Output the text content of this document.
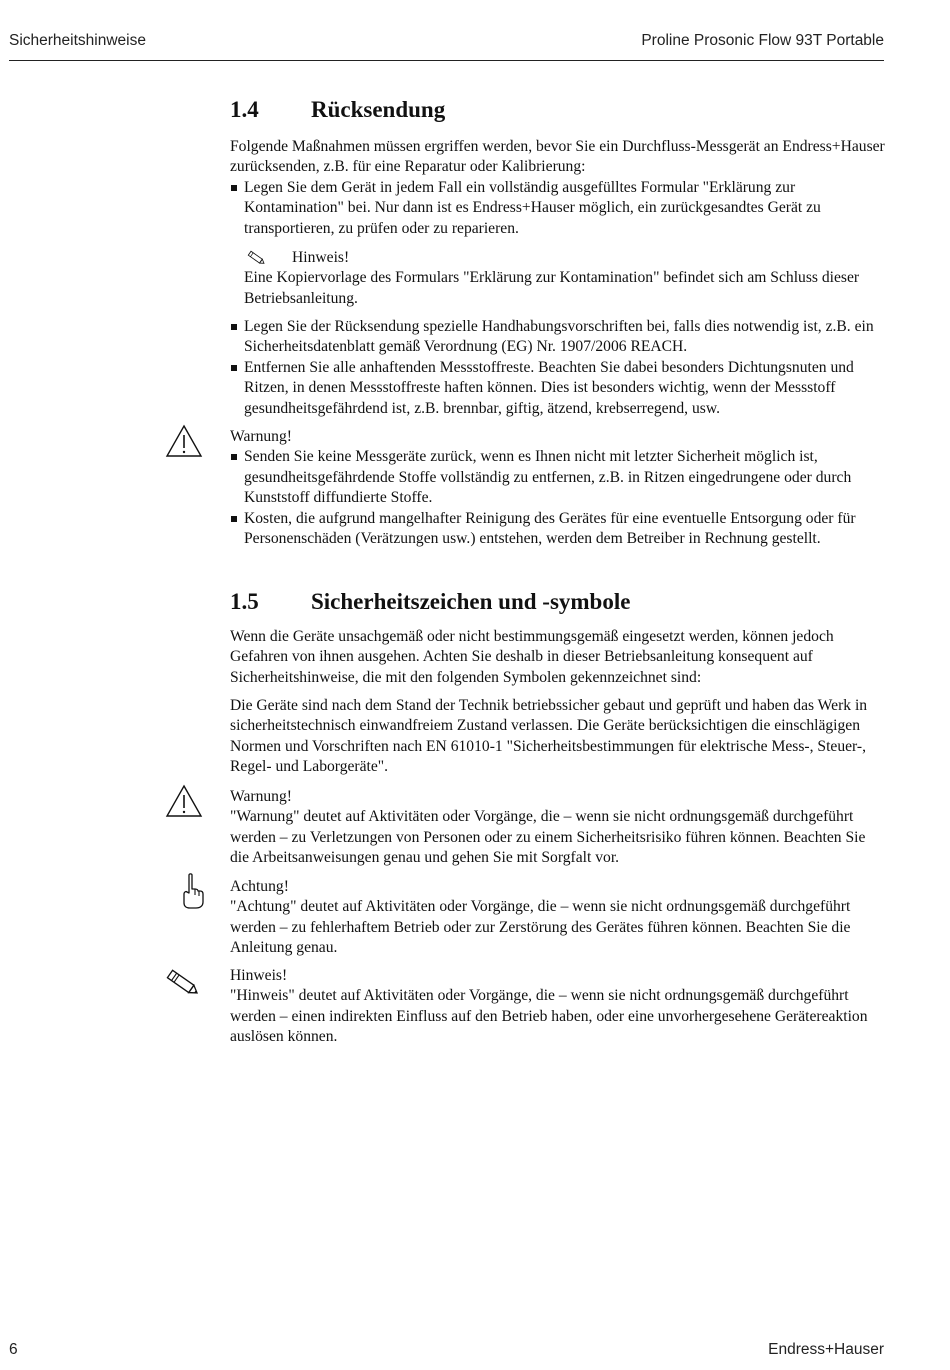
Sicherheitshinweise	Proline Prosonic Flow 93T Portable
1.4 Rücksendung

Folgende Maßnahmen müssen ergriffen werden, bevor Sie ein Durchfluss-Messgerät an Endress+Hauser zurücksenden, z.B. für eine Reparatur oder Kalibrierung:

Legen Sie dem Gerät in jedem Fall ein vollständig ausgefülltes Formular "Erklärung zur Kontamination" bei. Nur dann ist es Endress+Hauser möglich, ein zurückgesandtes Gerät zu transportieren, zu prüfen oder zu reparieren.
Hinweis!

Eine Kopiervorlage des Formulars "Erklärung zur Kontamination" befindet sich am Schluss dieser Betriebsanleitung.

Legen Sie der Rücksendung spezielle Handhabungsvorschriften bei, falls dies notwendig ist, z.B. ein Sicherheitsdatenblatt gemäß Verordnung (EG) Nr. 1907/2006 REACH.
Entfernen Sie alle anhaftenden Messstoffreste. Beachten Sie dabei besonders Dichtungsnuten und Ritzen, in denen Messstoffreste haften können. Dies ist besonders wichtig, wenn der Messstoff gesundheitsgefährdend ist, z.B. brennbar, giftig, ätzend, krebserregend, usw.

Warnung!

Senden Sie keine Messgeräte zurück, wenn es Ihnen nicht mit letzter Sicherheit möglich ist, gesundheitsgefährdende Stoffe vollständig zu entfernen, z.B. in Ritzen eingedrungene oder durch Kunststoff diffundierte Stoffe.
Kosten, die aufgrund mangelhafter Reinigung des Gerätes für eine eventuelle Entsorgung oder für Personenschäden (Verätzungen usw.) entstehen, werden dem Betreiber in Rechnung gestellt.
1.5 Sicherheitszeichen und -symbole

Wenn die Geräte unsachgemäß oder nicht bestimmungsgemäß eingesetzt werden, können jedoch Gefahren von ihnen ausgehen. Achten Sie deshalb in dieser Betriebsanleitung konsequent auf Sicherheitshinweise, die mit den folgenden Symbolen gekennzeichnet sind:

Die Geräte sind nach dem Stand der Technik betriebssicher gebaut und geprüft und haben das Werk in sicherheitstechnisch einwandfreiem Zustand verlassen. Die Geräte berücksichtigen die einschlägigen Normen und Vorschriften nach EN 61010-1 "Sicherheitsbestimmungen für elektrische Mess-, Steuer-, Regel- und Laborgeräte".

Warnung!

"Warnung" deutet auf Aktivitäten oder Vorgänge, die – wenn sie nicht ordnungsgemäß durchgeführt werden – zu Verletzungen von Personen oder zu einem Sicherheitsrisiko führen können. Beachten Sie die Arbeitsanweisungen genau und gehen Sie mit Sorgfalt vor.

Achtung!

"Achtung" deutet auf Aktivitäten oder Vorgänge, die – wenn sie nicht ordnungsgemäß durchgeführt werden – zu fehlerhaftem Betrieb oder zur Zerstörung des Gerätes führen können. Beachten Sie die Anleitung genau.

Hinweis!

"Hinweis" deutet auf Aktivitäten oder Vorgänge, die – wenn sie nicht ordnungsgemäß durchgeführt werden – einen indirekten Einfluss auf den Betrieb haben, oder eine unvorhergesehene Gerätereaktion auslösen können.

6	Endress+Hauser
